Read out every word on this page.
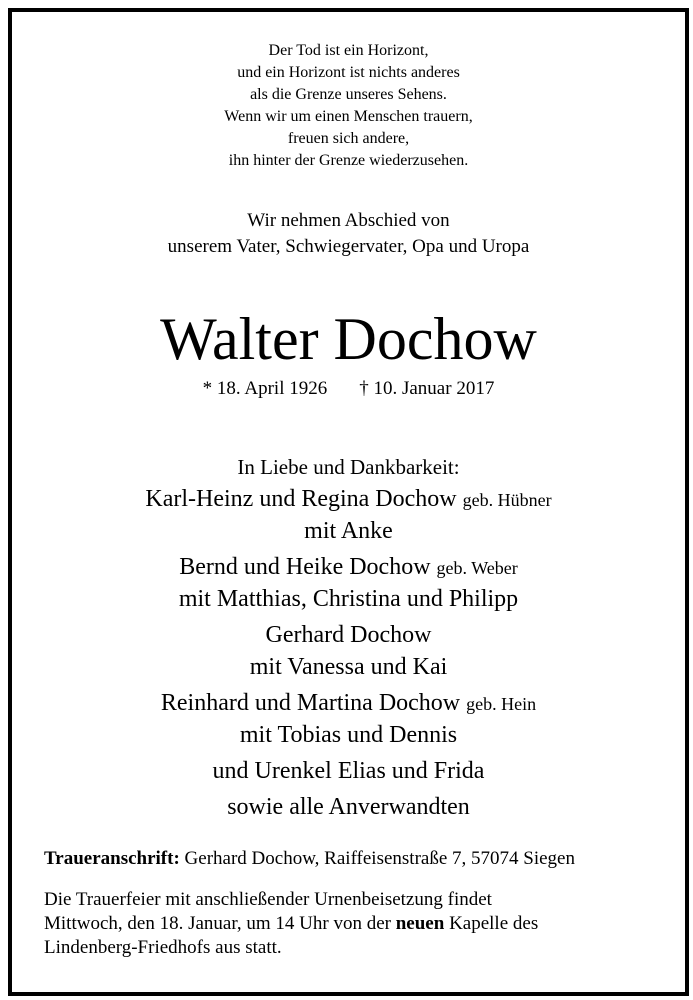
Der Tod ist ein Horizont,
und ein Horizont ist nichts anderes
als die Grenze unseres Sehens.
Wenn wir um einen Menschen trauern,
freuen sich andere,
ihn hinter der Grenze wiederzusehen.
Wir nehmen Abschied von
unserem Vater, Schwiegervater, Opa und Uropa
Walter Dochow
* 18. April 1926 † 10. Januar 2017
In Liebe und Dankbarkeit:
Karl-Heinz und Regina Dochow geb. Hübner
mit Anke
Bernd und Heike Dochow geb. Weber
mit Matthias, Christina und Philipp
Gerhard Dochow
mit Vanessa und Kai
Reinhard und Martina Dochow geb. Hein
mit Tobias und Dennis
und Urenkel Elias und Frida
sowie alle Anverwandten
Traueranschrift: Gerhard Dochow, Raiffeisenstraße 7, 57074 Siegen
Die Trauerfeier mit anschließender Urnenbeisetzung findet
Mittwoch, den 18. Januar, um 14 Uhr von der neuen Kapelle des
Lindenberg-Friedhofs aus statt.
